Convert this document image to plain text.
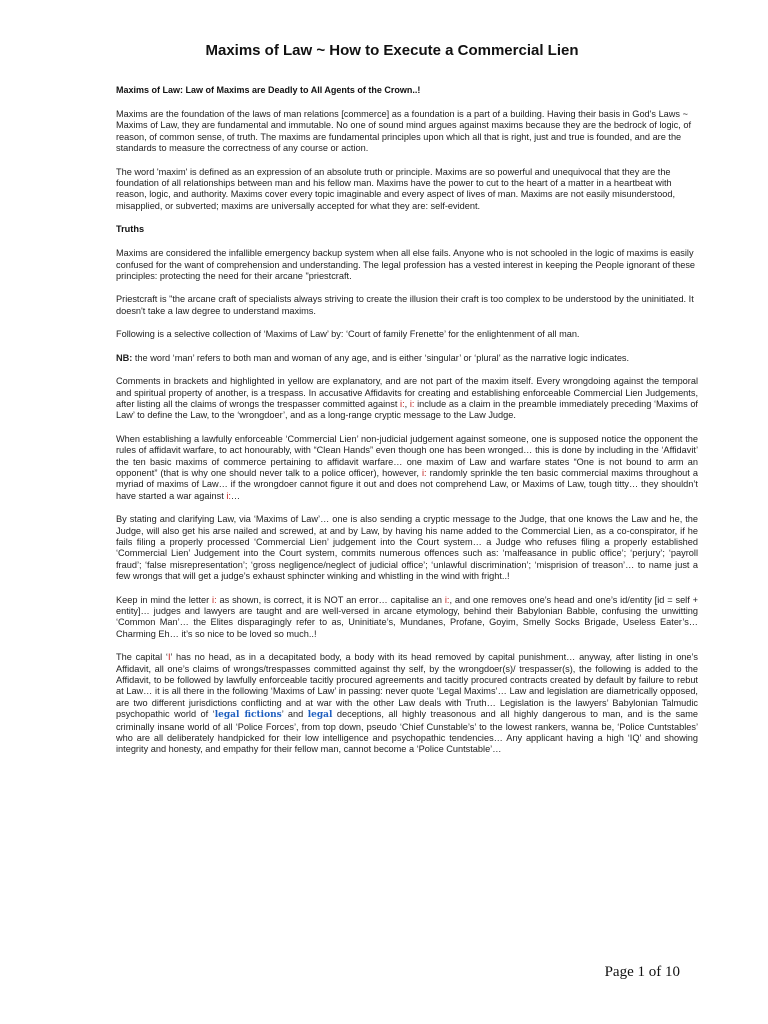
Maxims of Law ~ How to Execute a Commercial Lien

Maxims of Law: Law of Maxims are Deadly to All Agents of the Crown..!

Maxims are the foundation of the laws of man relations [commerce] as a foundation is a part of a building. Having their basis in God's Laws ~ Maxims of Law, they are fundamental and immutable. No one of sound mind argues against maxims because they are the bedrock of logic, of reason, of common sense, of truth. The maxims are fundamental principles upon which all that is right, just and true is founded, and are the standards to measure the correctness of any course or action.

The word 'maxim' is defined as an expression of an absolute truth or principle. Maxims are so powerful and unequivocal that they are the foundation of all relationships between man and his fellow man. Maxims have the power to cut to the heart of a matter in a heartbeat with reason, logic, and authority. Maxims cover every topic imaginable and every aspect of lives of man. Maxims are not easily misunderstood, misapplied, or subverted; maxims are universally accepted for what they are: self-evident.

Truths

Maxims are considered the infallible emergency backup system when all else fails. Anyone who is not schooled in the logic of maxims is easily confused for the want of comprehension and understanding. The legal profession has a vested interest in keeping the People ignorant of these principles: protecting the need for their arcane "priestcraft.

Priestcraft is "the arcane craft of specialists always striving to create the illusion their craft is too complex to be understood by the uninitiated. It doesn't take a law degree to understand maxims.

Following is a selective collection of ‘Maxims of Law’ by: ‘Court of family Frenette’ for the enlightenment of all man.

NB: the word ‘man’ refers to both man and woman of any age, and is either ‘singular’ or ‘plural’ as the narrative logic indicates.

Comments in brackets and highlighted in yellow are explanatory, and are not part of the maxim itself. Every wrongdoing against the temporal and spiritual property of another, is a trespass. In accusative Affidavits for creating and establishing enforceable Commercial Lien Judgements, after listing all the claims of wrongs the trespasser committed against i:, i: include as a claim in the preamble immediately preceding ‘Maxims of Law’ to define the Law, to the ‘wrongdoer’, and as a long-range cryptic message to the Law Judge.

When establishing a lawfully enforceable ‘Commercial Lien’ non-judicial judgement against someone, one is supposed notice the opponent the rules of affidavit warfare, to act honourably, with “Clean Hands” even though one has been wronged… this is done by including in the ‘Affidavit’ the ten basic maxims of commerce pertaining to affidavit warfare… one maxim of Law and warfare states “One is not bound to arm an opponent” (that is why one should never talk to a police officer), however, i: randomly sprinkle the ten basic commercial maxims throughout a myriad of maxims of Law… if the wrongdoer cannot figure it out and does not comprehend Law, or Maxims of Law, tough titty… they shouldn’t have started a war against i:…

By stating and clarifying Law, via ‘Maxims of Law’… one is also sending a cryptic message to the Judge, that one knows the Law and he, the Judge, will also get his arse nailed and screwed, at and by Law, by having his name added to the Commercial Lien, as a co-conspirator, if he fails filing a properly processed ‘Commercial Lien’ judgement into the Court system… a Judge who refuses filing a properly established ‘Commercial Lien’ Judgement into the Court system, commits numerous offences such as: ‘malfeasance in public office’; ‘perjury’; ‘payroll fraud’; ‘false misrepresentation’; ‘gross negligence/neglect of judicial office’; ‘unlawful discrimination’; ‘misprision of treason’… to name just a few wrongs that will get a judge’s exhaust sphincter winking and whistling in the wind with fright..!

Keep in mind the letter i: as shown, is correct, it is NOT an error… capitalise an i:, and one removes one’s head and one’s id/entity [id = self + entity]… judges and lawyers are taught and are well-versed in arcane etymology, behind their Babylonian Babble, confusing the unwitting ‘Common Man’… the Elites disparagingly refer to as, Uninitiate’s, Mundanes, Profane, Goyim, Smelly Socks Brigade, Useless Eater’s… Charming Eh… it’s so nice to be loved so much..!

The capital ‘I’ has no head, as in a decapitated body, a body with its head removed by capital punishment… anyway, after listing in one’s Affidavit, all one’s claims of wrongs/trespasses committed against thy self, by the wrongdoer(s)/ trespasser(s), the following is added to the Affidavit, to be followed by lawfully enforceable tacitly procured agreements and tacitly procured contracts created by default by failure to rebut at Law… it is all there in the following ‘Maxims of Law’ in passing: never quote ‘Legal Maxims’… Law and legislation are diametrically opposed, are two different jurisdictions conflicting and at war with the other Law deals with Truth… Legislation is the lawyers’ Babylonian Talmudic psychopathic world of ‘legal fictions’ and legal deceptions, all highly treasonous and all highly dangerous to man, and is the same criminally insane world of all ‘Police Forces’, from top down, pseudo ‘Chief Cunstable’s’ to the lowest rankers, wanna be, ‘Police Cuntstables’ who are all deliberately handpicked for their low intelligence and psychopathic tendencies… Any applicant having a high ‘IQ’ and showing integrity and honesty, and empathy for their fellow man, cannot become a ‘Police Cuntstable’…

Page 1 of 10
